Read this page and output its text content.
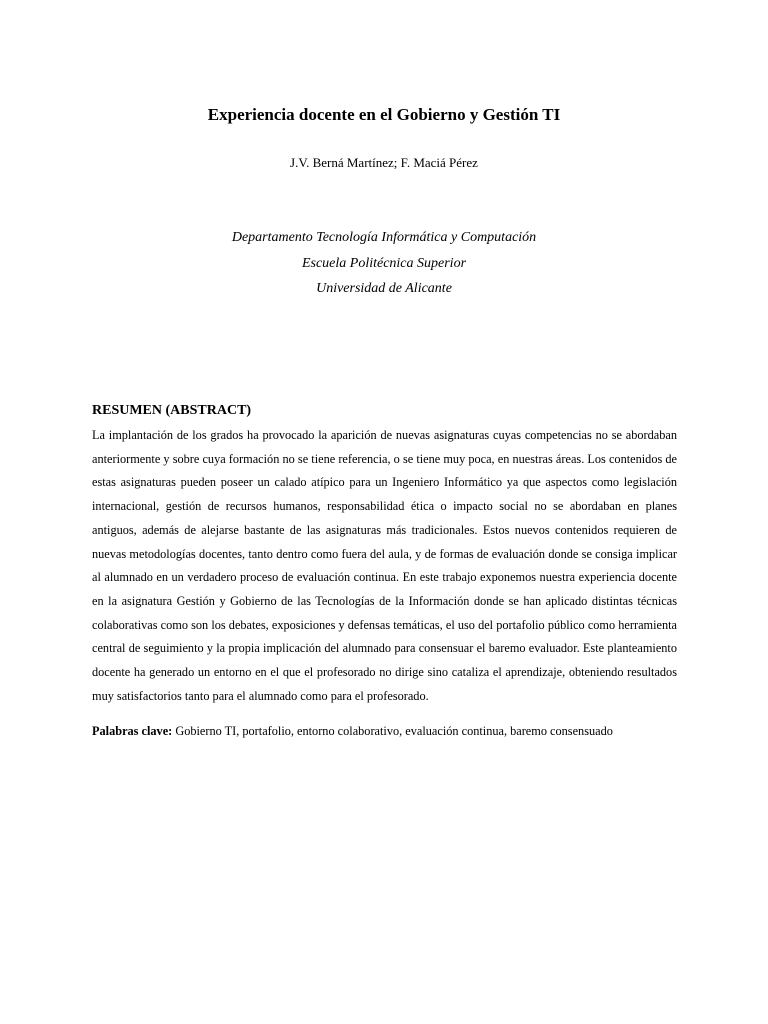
Experiencia docente en el Gobierno y Gestión TI

J.V. Berná Martínez; F. Maciá Pérez

Departamento Tecnología Informática y Computación
Escuela Politécnica Superior
Universidad de Alicante
RESUMEN (ABSTRACT)

La implantación de los grados ha provocado la aparición de nuevas asignaturas cuyas competencias no se abordaban anteriormente y sobre cuya formación no se tiene referencia, o se tiene muy poca, en nuestras áreas. Los contenidos de estas asignaturas pueden poseer un calado atípico para un Ingeniero Informático ya que aspectos como legislación internacional, gestión de recursos humanos, responsabilidad ética o impacto social no se abordaban en planes antiguos, además de alejarse bastante de las asignaturas más tradicionales. Estos nuevos contenidos requieren de nuevas metodologías docentes, tanto dentro como fuera del aula, y de formas de evaluación donde se consiga implicar al alumnado en un verdadero proceso de evaluación continua. En este trabajo exponemos nuestra experiencia docente en la asignatura Gestión y Gobierno de las Tecnologías de la Información donde se han aplicado distintas técnicas colaborativas como son los debates, exposiciones y defensas temáticas, el uso del portafolio público como herramienta central de seguimiento y la propia implicación del alumnado para consensuar el baremo evaluador. Este planteamiento docente ha generado un entorno en el que el profesorado no dirige sino cataliza el aprendizaje, obteniendo resultados muy satisfactorios tanto para el alumnado como para el profesorado.

Palabras clave: Gobierno TI, portafolio, entorno colaborativo, evaluación continua, baremo consensuado
